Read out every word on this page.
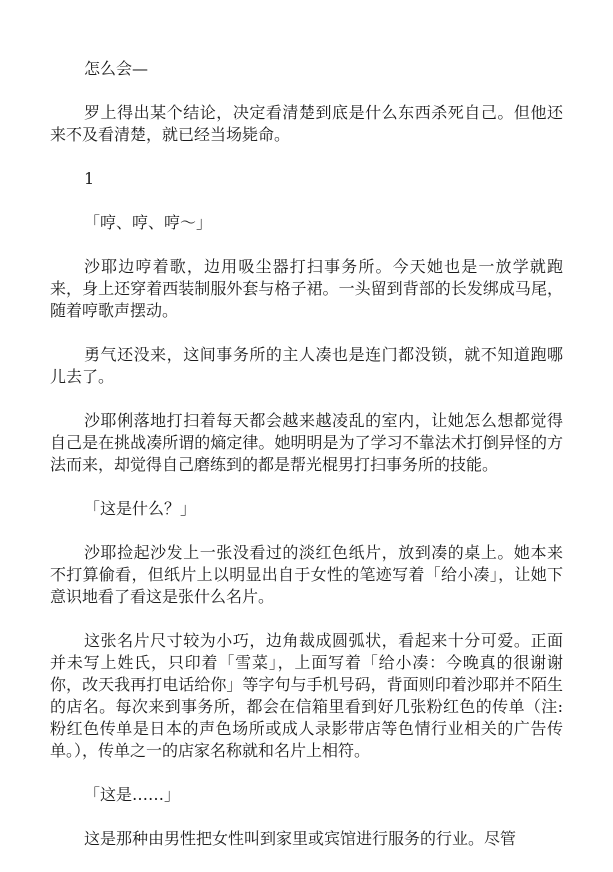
怎么会—

罗上得出某个结论，决定看清楚到底是什么东西杀死自己。但他还来不及看清楚，就已经当场毙命。

1

「哼、哼、哼～」

沙耶边哼着歌，边用吸尘器打扫事务所。今天她也是一放学就跑来，身上还穿着西装制服外套与格子裙。一头留到背部的长发绑成马尾，随着哼歌声摆动。

勇气还没来，这间事务所的主人凑也是连门都没锁，就不知道跑哪儿去了。

沙耶俐落地打扫着每天都会越来越凌乱的室内，让她怎么想都觉得自己是在挑战凑所谓的熵定律。她明明是为了学习不靠法术打倒异怪的方法而来，却觉得自己磨练到的都是帮光棍男打扫事务所的技能。

「这是什么？」

沙耶捡起沙发上一张没看过的淡红色纸片，放到凑的桌上。她本来不打算偷看，但纸片上以明显出自于女性的笔迹写着「给小凑」，让她下意识地看了看这是张什么名片。

这张名片尺寸较为小巧，边角裁成圆弧状，看起来十分可爱。正面并未写上姓氏，只印着「雪菜」，上面写着「给小凑：今晚真的很谢谢你，改天我再打电话给你」等字句与手机号码，背面则印着沙耶并不陌生的店名。每次来到事务所，都会在信箱里看到好几张粉红色的传单（注:粉红色传单是日本的声色场所或成人录影带店等色情行业相关的广告传单。），传单之一的店家名称就和名片上相符。

「这是……」

这是那种由男性把女性叫到家里或宾馆进行服务的行业。尽管
